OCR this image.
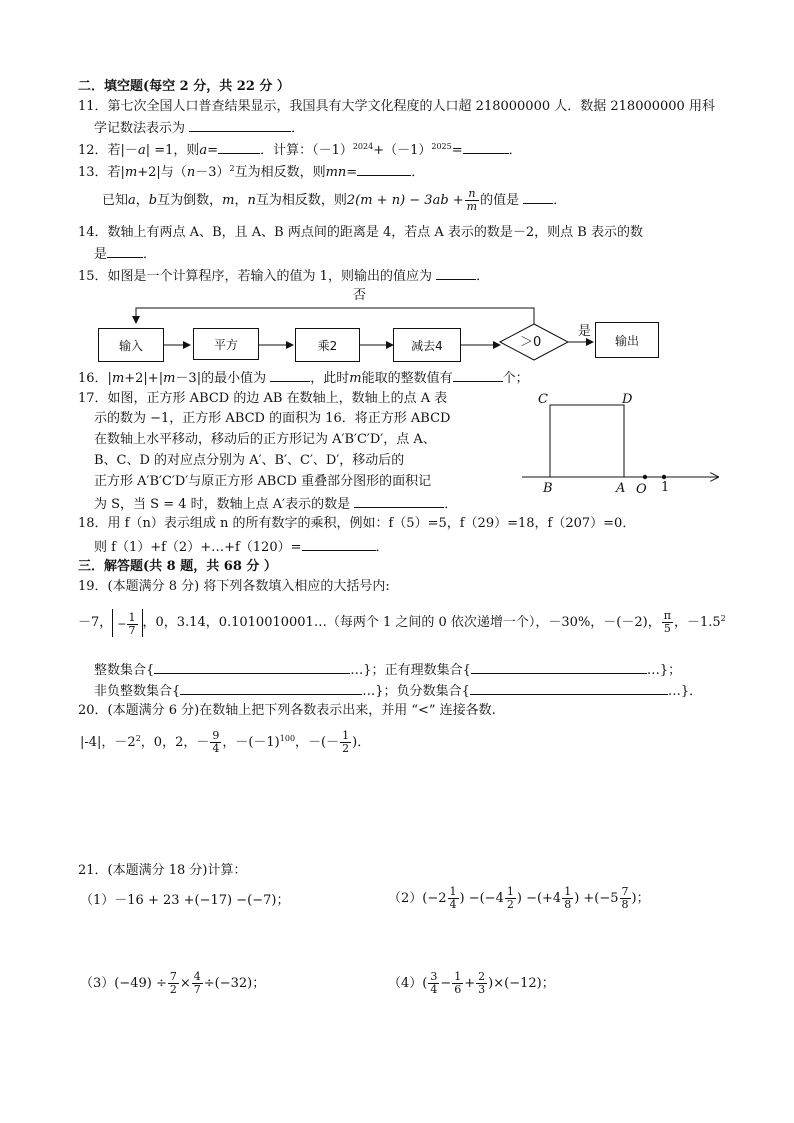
二．填空题(每空 2 分，共 22 分 ）
11．第七次全国人口普查结果显示，我国具有大学文化程度的人口超 218000000 人．数据 218000000 用科
学记数法表示为	．
12．若|－a| =1，则a=	．计算：$(-1)^{2024}+(-1)^{2025}=$	．
13．若|m+2|与$(n-3)^2$互为相反数，则mn=	．
已知a，b互为倒数，m，n互为相反数，则$2(m + n) - 3ab + \frac{n}{m}$ 的值是	．
14．数轴上有两点 A、B，且 A、B 两点间的距离是 4，若点 A 表示的数是－2，则点 B 表示的数
是	．
15．如图是一个计算程序，若输入的值为 1，则输出的值应为	．
否
是
输入	平方	乘2	减去4	＞0	输出
16．|m+2|+|m－3|的最小值为	，此时m能取的整数值有	个；
17．如图，正方形 ABCD 的边 AB 在数轴上，数轴上的点 A 表
示的数为 −1，正方形 ABCD 的面积为 16．将正方形 ABCD
在数轴上水平移动，移动后的正方形记为 A′B′C′D′，点 A、
B、C、D 的对应点分别为 A′、B′、C′、D′，移动后的
正方形 A′B′C′D′与原正方形 ABCD 重叠部分图形的面积记
为 S，当 S = 4 时，数轴上点 A′表示的数是	．
C	D
B	A O 1
18．用 f（n）表示组成 n 的所有数字的乘积，例如：f（5）=5，f（29）=18，f（207）=0．
则 f（1）+f（2）+…+f（120）=	．
三．解答题(共 8 题，共 68 分 ）
19．(本题满分 8 分) 将下列各数填入相应的大括号内:
－7， − $\frac{1}{7}$ ，0，3.14，0.1010010001…（每两个 1 之间的 0 依次递增一个），－30%，－(－2)， $\frac{\pi}{5}$ ，$-1.5^2$
整数集合{	…}；正有理数集合{	…}；
非负整数集合{	…}；负分数集合{	…}．
20．(本题满分 6 分)在数轴上把下列各数表示出来，并用 “<” 连接各数.
|-4|，$-2^2$，0，2，－ $\frac{9}{4}$ ，$-(-1)^{100}$，－(－ $\frac{1}{2}$ )．
21．(本题满分 18 分)计算：
（1）－16 + 23 +(−17) −(−7)；	$(2)(-2 \frac{1}{4}$ ) $-(-4 \frac{1}{2}$ ) $-(+4 \frac{1}{8}$ ) $+(-5 \frac{7}{8}$ )；
$(3)(-49) \div \frac{7}{2} \times \frac{4}{7} \div(-32)$；	$(4)( \frac{3}{4} - \frac{1}{6} + \frac{2}{3} )\times(-12)$；
